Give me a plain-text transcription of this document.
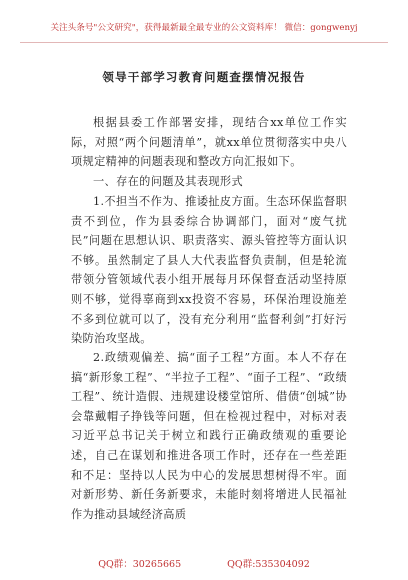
关注头条号"公文研究"，获得最新最全最专业的公文资料库！ 微信：gongwenyj
领导干部学习教育问题查摆情况报告

根据县委工作部署安排，现结合xx单位工作实际，对照“两个问题清单”，就xx单位贯彻落实中央八项规定精神的问题表现和整改方向汇报如下。

一、存在的问题及其表现形式

1.不担当不作为、推诿扯皮方面。生态环保监督职责不到位，作为县委综合协调部门，面对“废气扰民”问题在思想认识、职责落实、源头管控等方面认识不够。虽然制定了县人大代表监督负责制，但是轮流带领分管领域代表小组开展每月环保督查活动坚持原则不够，觉得辜商到xx投资不容易，环保治理设施差不多到位就可以了，没有充分利用“监督利剑”打好污染防治攻坚战。

2.政绩观偏差、搞“面子工程”方面。本人不存在搞“新形象工程”、“半拉子工程”、“面子工程”、“政绩工程”、统计造假、违规建设楼堂馆所、借债“创城”协会靠戴帽子挣钱等问题，但在检视过程中，对标对表习近平总书记关于树立和践行正确政绩观的重要论述，自己在谋划和推进各项工作时，还存在一些差距和不足：坚持以人民为中心的发展思想树得不牢。面对新形势、新任务新要求，未能时刻将增进人民福祉作为推动县域经济高质

QQ群：30265665	QQ群:535304092
